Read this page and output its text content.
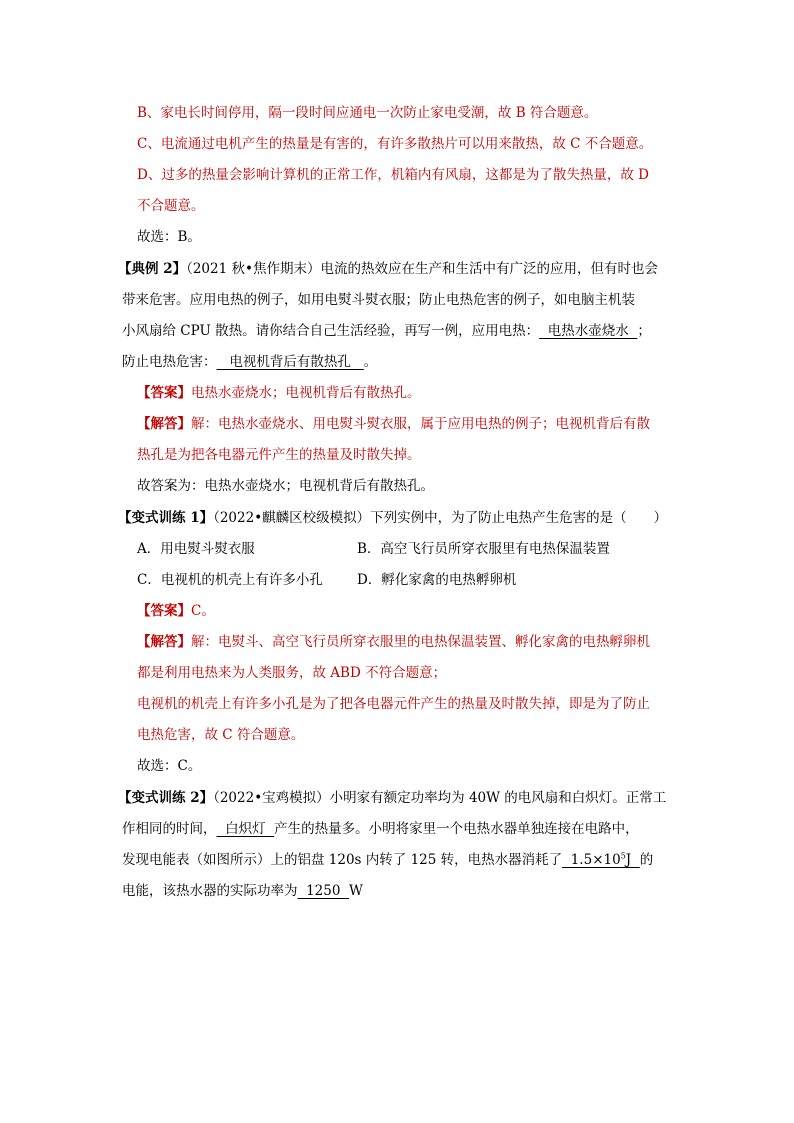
B、家电长时间停用，隔一段时间应通电一次防止家电受潮，故 B 符合题意。
C、电流通过电机产生的热量是有害的，有许多散热片可以用来散热，故 C 不合题意。
D、过多的热量会影响计算机的正常工作，机箱内有风扇，这都是为了散失热量，故 D
不合题意。
故选：B。
【典例 2】（2021 秋•焦作期末）电流的热效应在生产和生活中有广泛的应用，但有时也会
带来危害。应用电热的例子，如用电熨斗熨衣服；防止电热危害的例子，如电脑主机装
小风扇给 CPU 散热。请你结合自己生活经验，再写一例，应用电热：  电热水壶烧水  ；
防止电热危害：   电视机背后有散热孔   。
【答案】电热水壶烧水；电视机背后有散热孔。
【解答】解：电热水壶烧水、用电熨斗熨衣服，属于应用电热的例子；电视机背后有散
热孔是为把各电器元件产生的热量及时散失掉。
故答案为：电热水壶烧水；电视机背后有散热孔。
【变式训练 1】（2022•麒麟区校级模拟）下列实例中，为了防止电热产生危害的是（　　）
A．用电熨斗熨衣服	B．高空飞行员所穿衣服里有电热保温装置
C．电视机的机壳上有许多小孔	D．孵化家禽的电热孵卵机
【答案】C。
【解答】解：电熨斗、高空飞行员所穿衣服里的电热保温装置、孵化家禽的电热孵卵机
都是利用电热来为人类服务，故 ABD 不符合题意；
电视机的机壳上有许多小孔是为了把各电器元件产生的热量及时散失掉，即是为了防止
电热危害，故 C 符合题意。
故选：C。
【变式训练 2】（2022•宝鸡模拟）小明家有额定功率均为 40W 的电风扇和白炽灯。正常工
作相同的时间，  白炽灯  产生的热量多。小明将家里一个电热水器单独连接在电路中，
发现电能表（如图所示）上的铝盘 120s 内转了 125 转，电热水器消耗了  $1.5\times 10^5J$  的
电能，该热水器的实际功率为  1250  W
